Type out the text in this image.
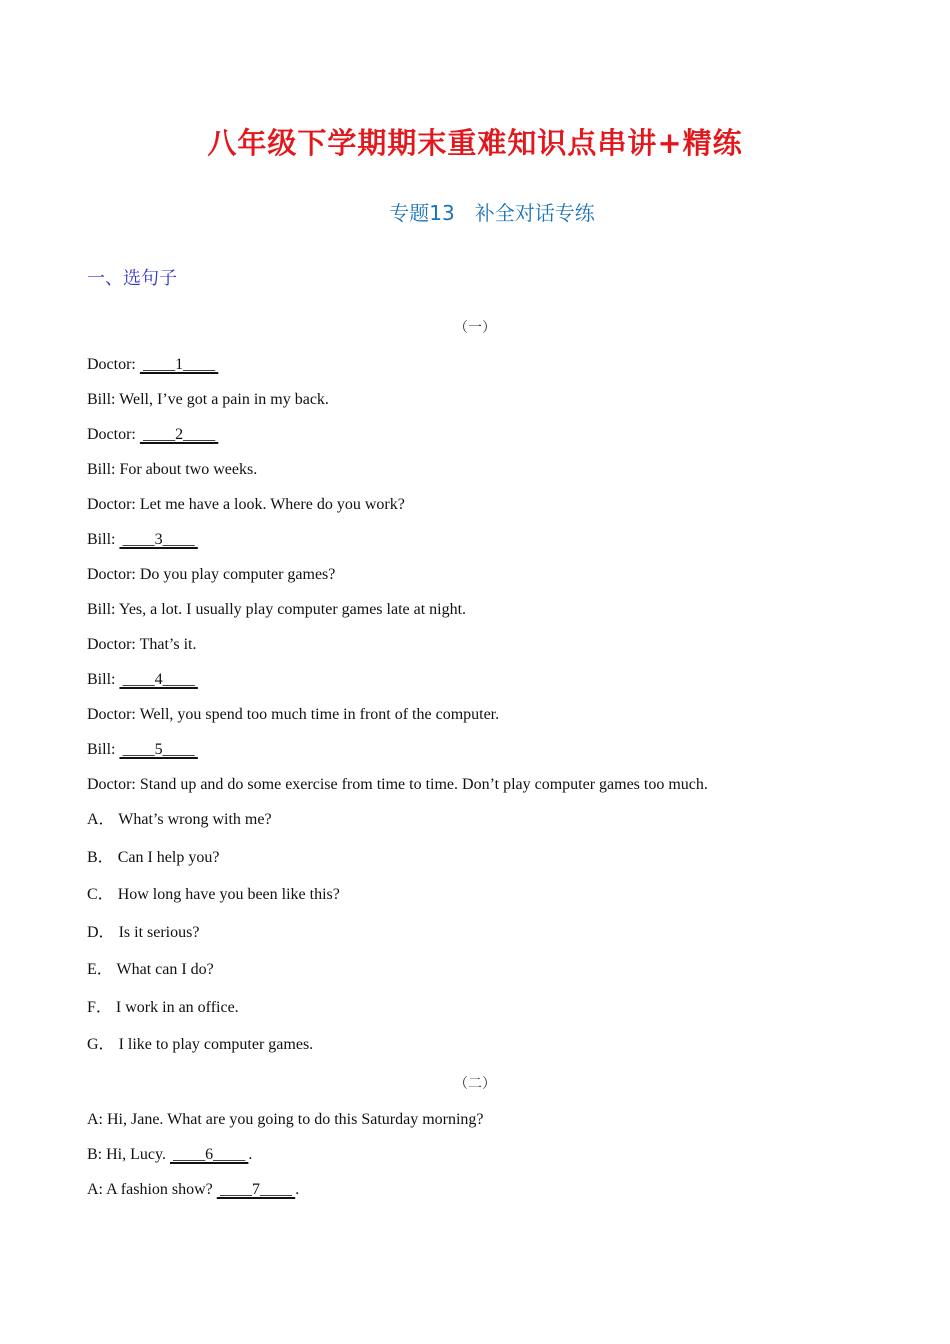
八年级下学期期末重难知识点串讲+精练
专题13 补全对话专练
一、选句子
（一）
Doctor:  ____1____ 
Bill: Well, I’ve got a pain in my back.
Doctor:  ____2____ 
Bill: For about two weeks.
Doctor: Let me have a look. Where do you work?
Bill:  ____3____ 
Doctor: Do you play computer games?
Bill: Yes, a lot. I usually play computer games late at night.
Doctor: That’s it.
Bill:  ____4____ 
Doctor: Well, you spend too much time in front of the computer.
Bill:  ____5____ 
Doctor: Stand up and do some exercise from time to time. Don’t play computer games too much.
A． What’s wrong with me?
B． Can I help you?
C． How long have you been like this?
D． Is it serious?
E． What can I do?
F． I work in an office.
G． I like to play computer games.
（二）
A: Hi, Jane. What are you going to do this Saturday morning?
B: Hi, Lucy.  ____6____ .
A: A fashion show?  ____7____ .
